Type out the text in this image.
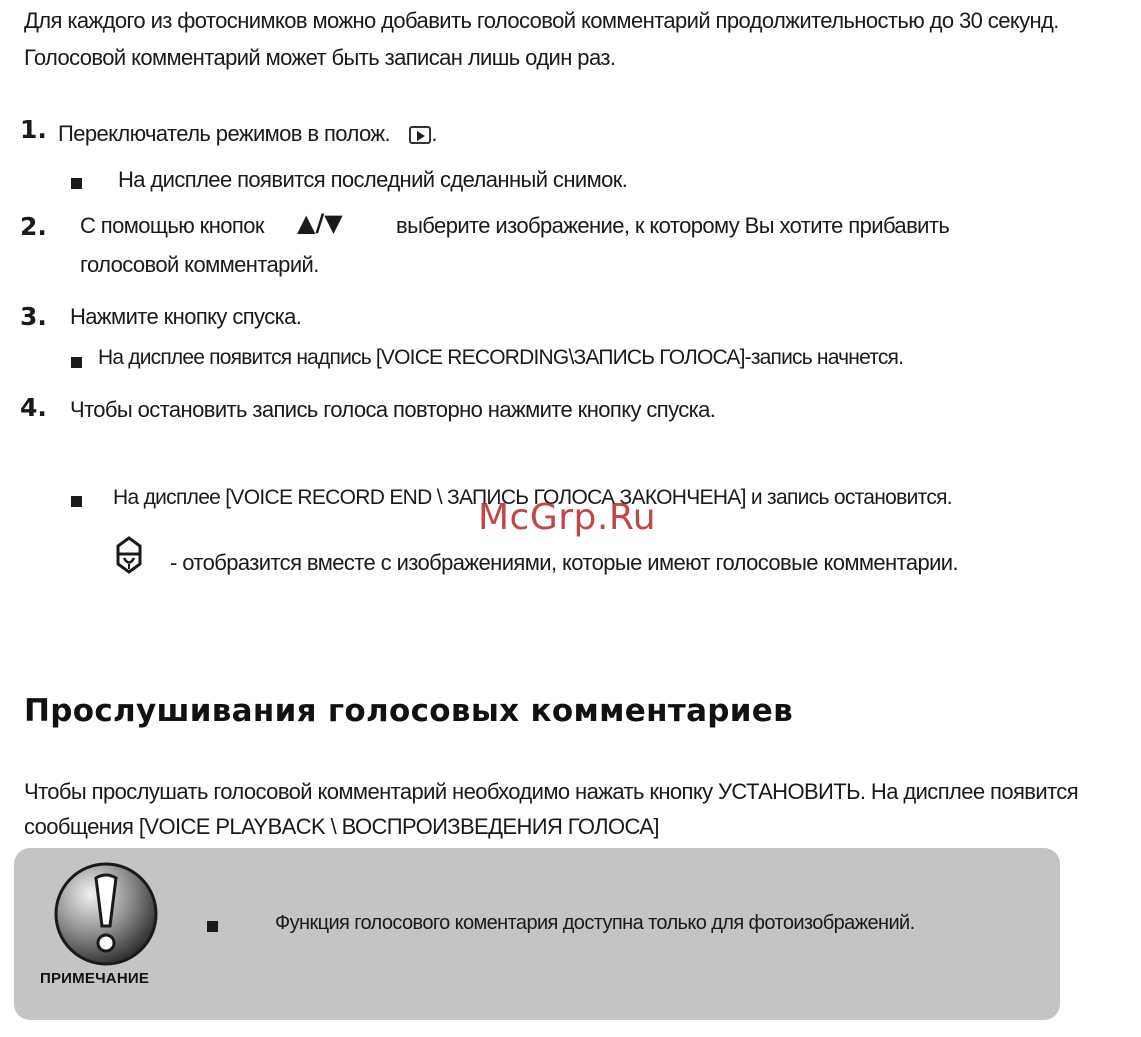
Для каждого из фотоснимков можно добавить голосовой комментарий продолжительностью до 30 секунд.
Голосовой комментарий может быть записан лишь один раз.
1. Переключатель режимов в полож. .
На дисплее появится последний сделанный снимок.
2. С помощью кнопок ▲/▼ выберите изображение, к которому Вы хотите прибавить
голосовой комментарий.
3. Нажмите кнопку спуска.
На дисплее появится надпись [VOICE RECORDING\ЗАПИСЬ ГОЛОСА]-запись начнется.
4. Чтобы остановить запись голоса повторно нажмите кнопку спуска.
На дисплее [VOICE RECORD END \ ЗАПИСЬ ГОЛОСА ЗАКОНЧЕНА] и запись остановится.
McGrp.Ru
- отобразится вместе с изображениями, которые имеют голосовые комментарии.
Прослушивания голосовых комментариев
Чтобы прослушать голосовой комментарий необходимо нажать кнопку УСТАНОВИТЬ. На дисплее появится
сообщения [VOICE PLAYBACK \ ВОСПРОИЗВЕДЕНИЯ ГОЛОСА]
ПРИМЕЧАНИЕ
Функция голосового коментария доступна только для фотоизображений.
